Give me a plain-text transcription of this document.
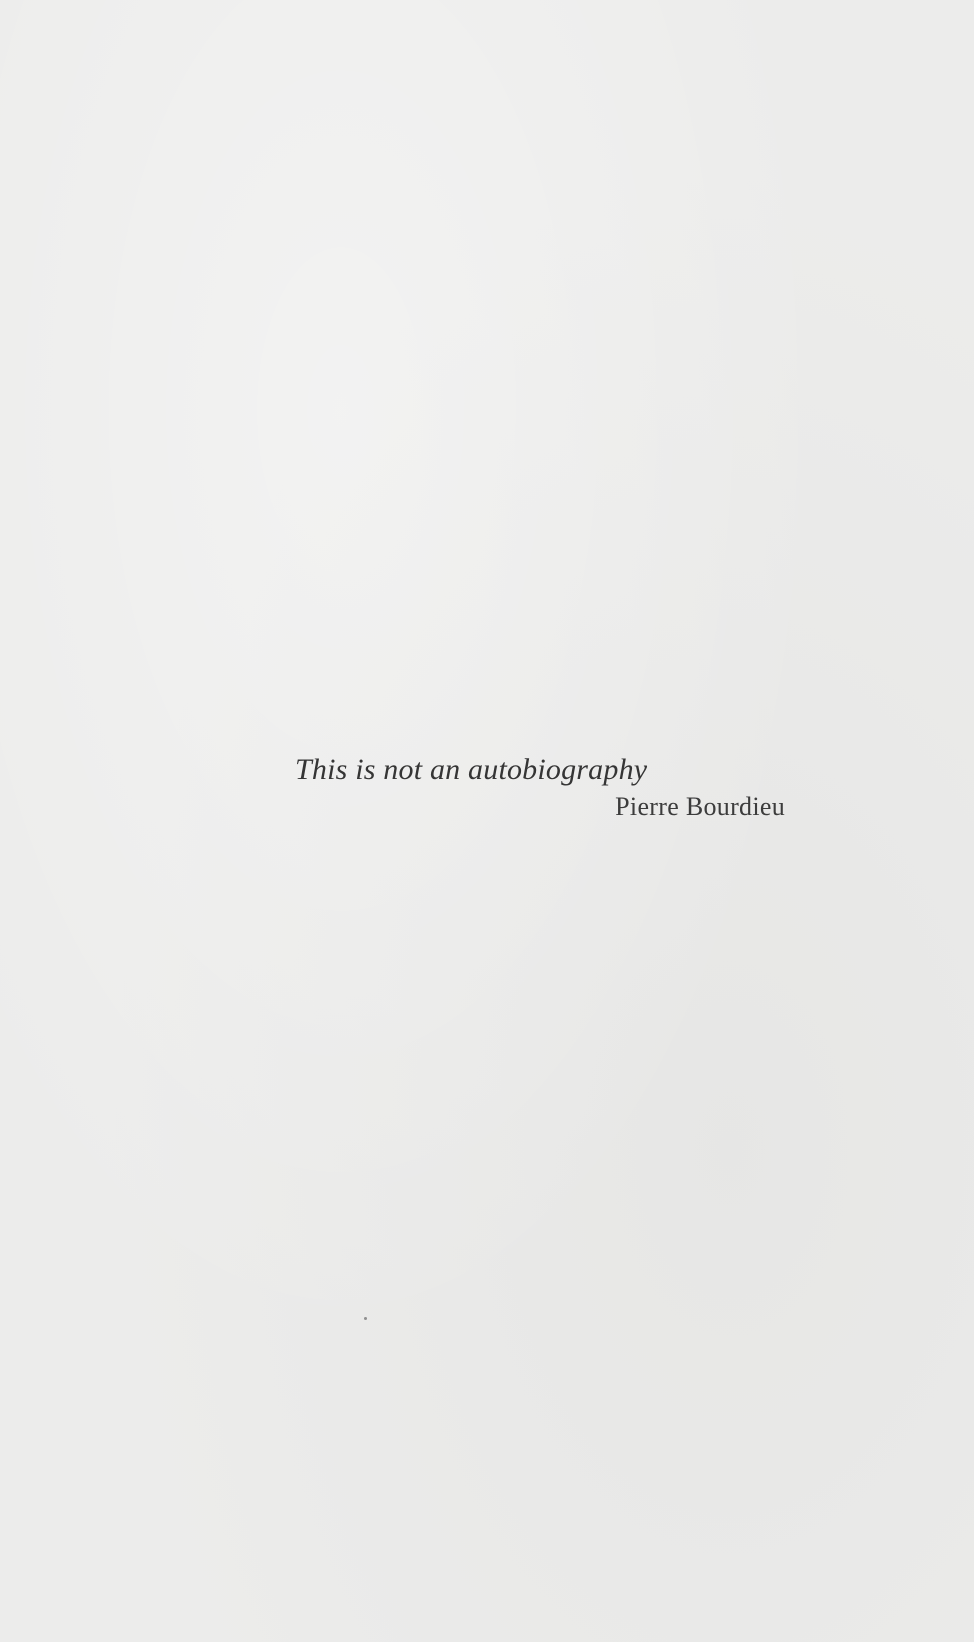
This is not an autobiography

Pierre Bourdieu
